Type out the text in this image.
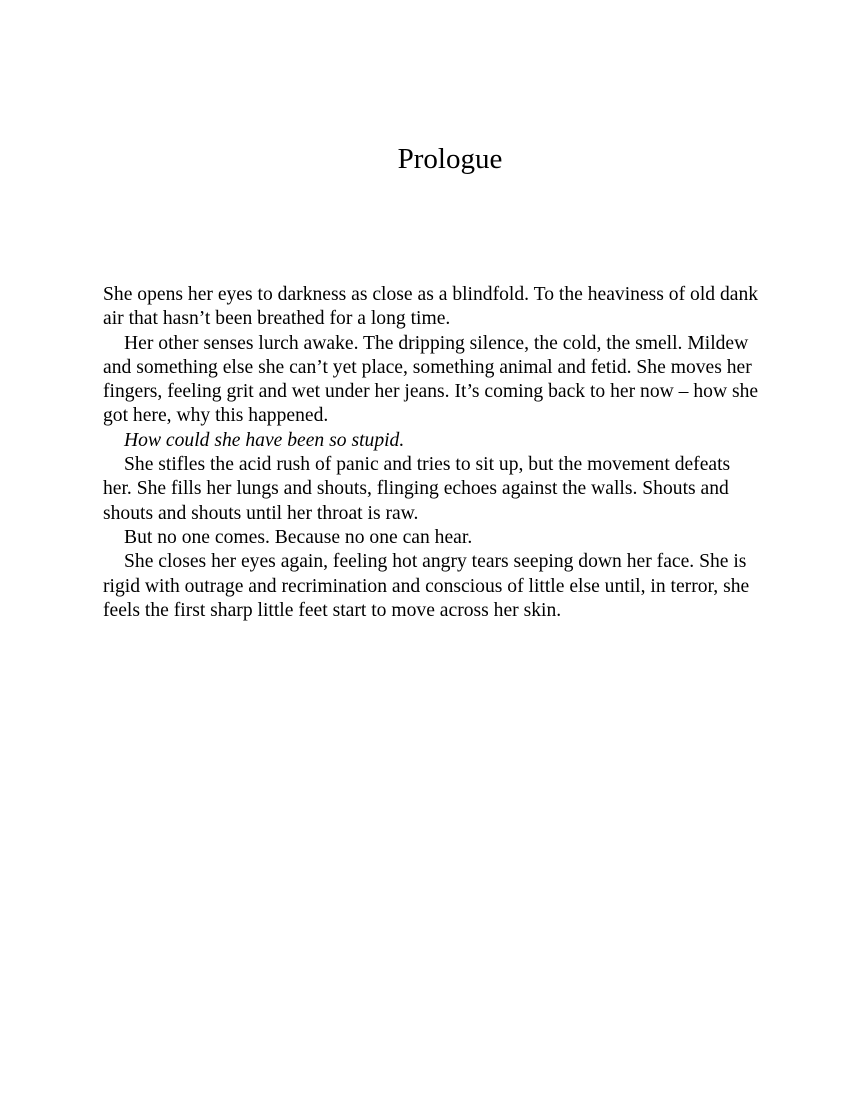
Prologue

She opens her eyes to darkness as close as a blindfold. To the heaviness of old dank air that hasn’t been breathed for a long time.

Her other senses lurch awake. The dripping silence, the cold, the smell. Mildew and something else she can’t yet place, something animal and fetid. She moves her fingers, feeling grit and wet under her jeans. It’s coming back to her now – how she got here, why this happened.

How could she have been so stupid.

She stifles the acid rush of panic and tries to sit up, but the movement defeats her. She fills her lungs and shouts, flinging echoes against the walls. Shouts and shouts and shouts until her throat is raw.

But no one comes. Because no one can hear.

She closes her eyes again, feeling hot angry tears seeping down her face. She is rigid with outrage and recrimination and conscious of little else until, in terror, she feels the first sharp little feet start to move across her skin.
